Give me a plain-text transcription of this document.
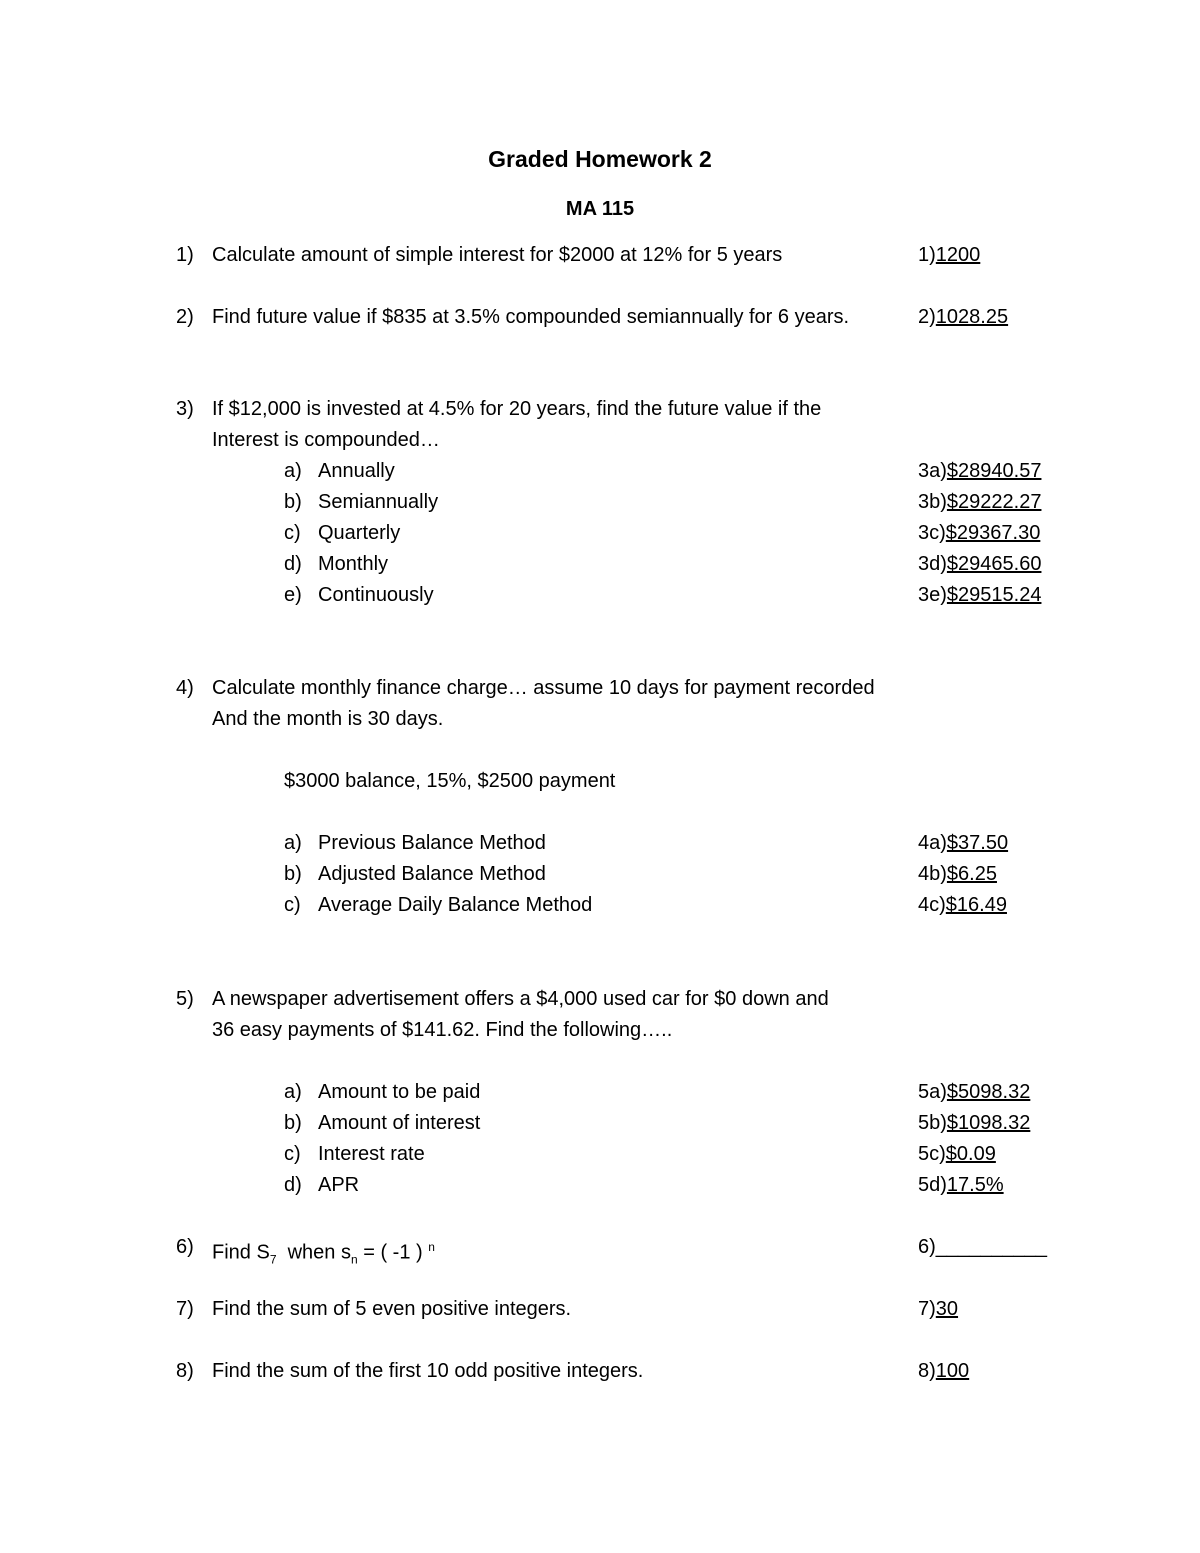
Graded Homework 2
MA 115
1) Calculate amount of simple interest for $2000 at 12% for 5 years	1)1200
2) Find future value if $835 at 3.5% compounded semiannually for 6 years.	2)1028.25
3) If $12,000 is invested at 4.5% for 20 years, find the future value if the
Interest is compounded…
a) Annually	3a)$28940.57
b) Semiannually	3b)$29222.27
c) Quarterly	3c)$29367.30
d) Monthly	3d)$29465.60
e) Continuously	3e)$29515.24
4) Calculate monthly finance charge… assume 10 days for payment recorded
And the month is 30 days.
$3000 balance, 15%, $2500 payment
a) Previous Balance Method	4a)$37.50
b) Adjusted Balance Method	4b)$6.25
c) Average Daily Balance Method	4c)$16.49
5) A newspaper advertisement offers a $4,000 used car for $0 down and
36 easy payments of $141.62. Find the following…..
a) Amount to be paid	5a)$5098.32
b) Amount of interest	5b)$1098.32
c) Interest rate	5c)$0.09
d) APR	5d)17.5%
6) Find $S_7$  when $s_n$ = ( -1 ) $^n$	6)__________
7) Find the sum of 5 even positive integers.	7)30
8) Find the sum of the first 10 odd positive integers.	8)100
